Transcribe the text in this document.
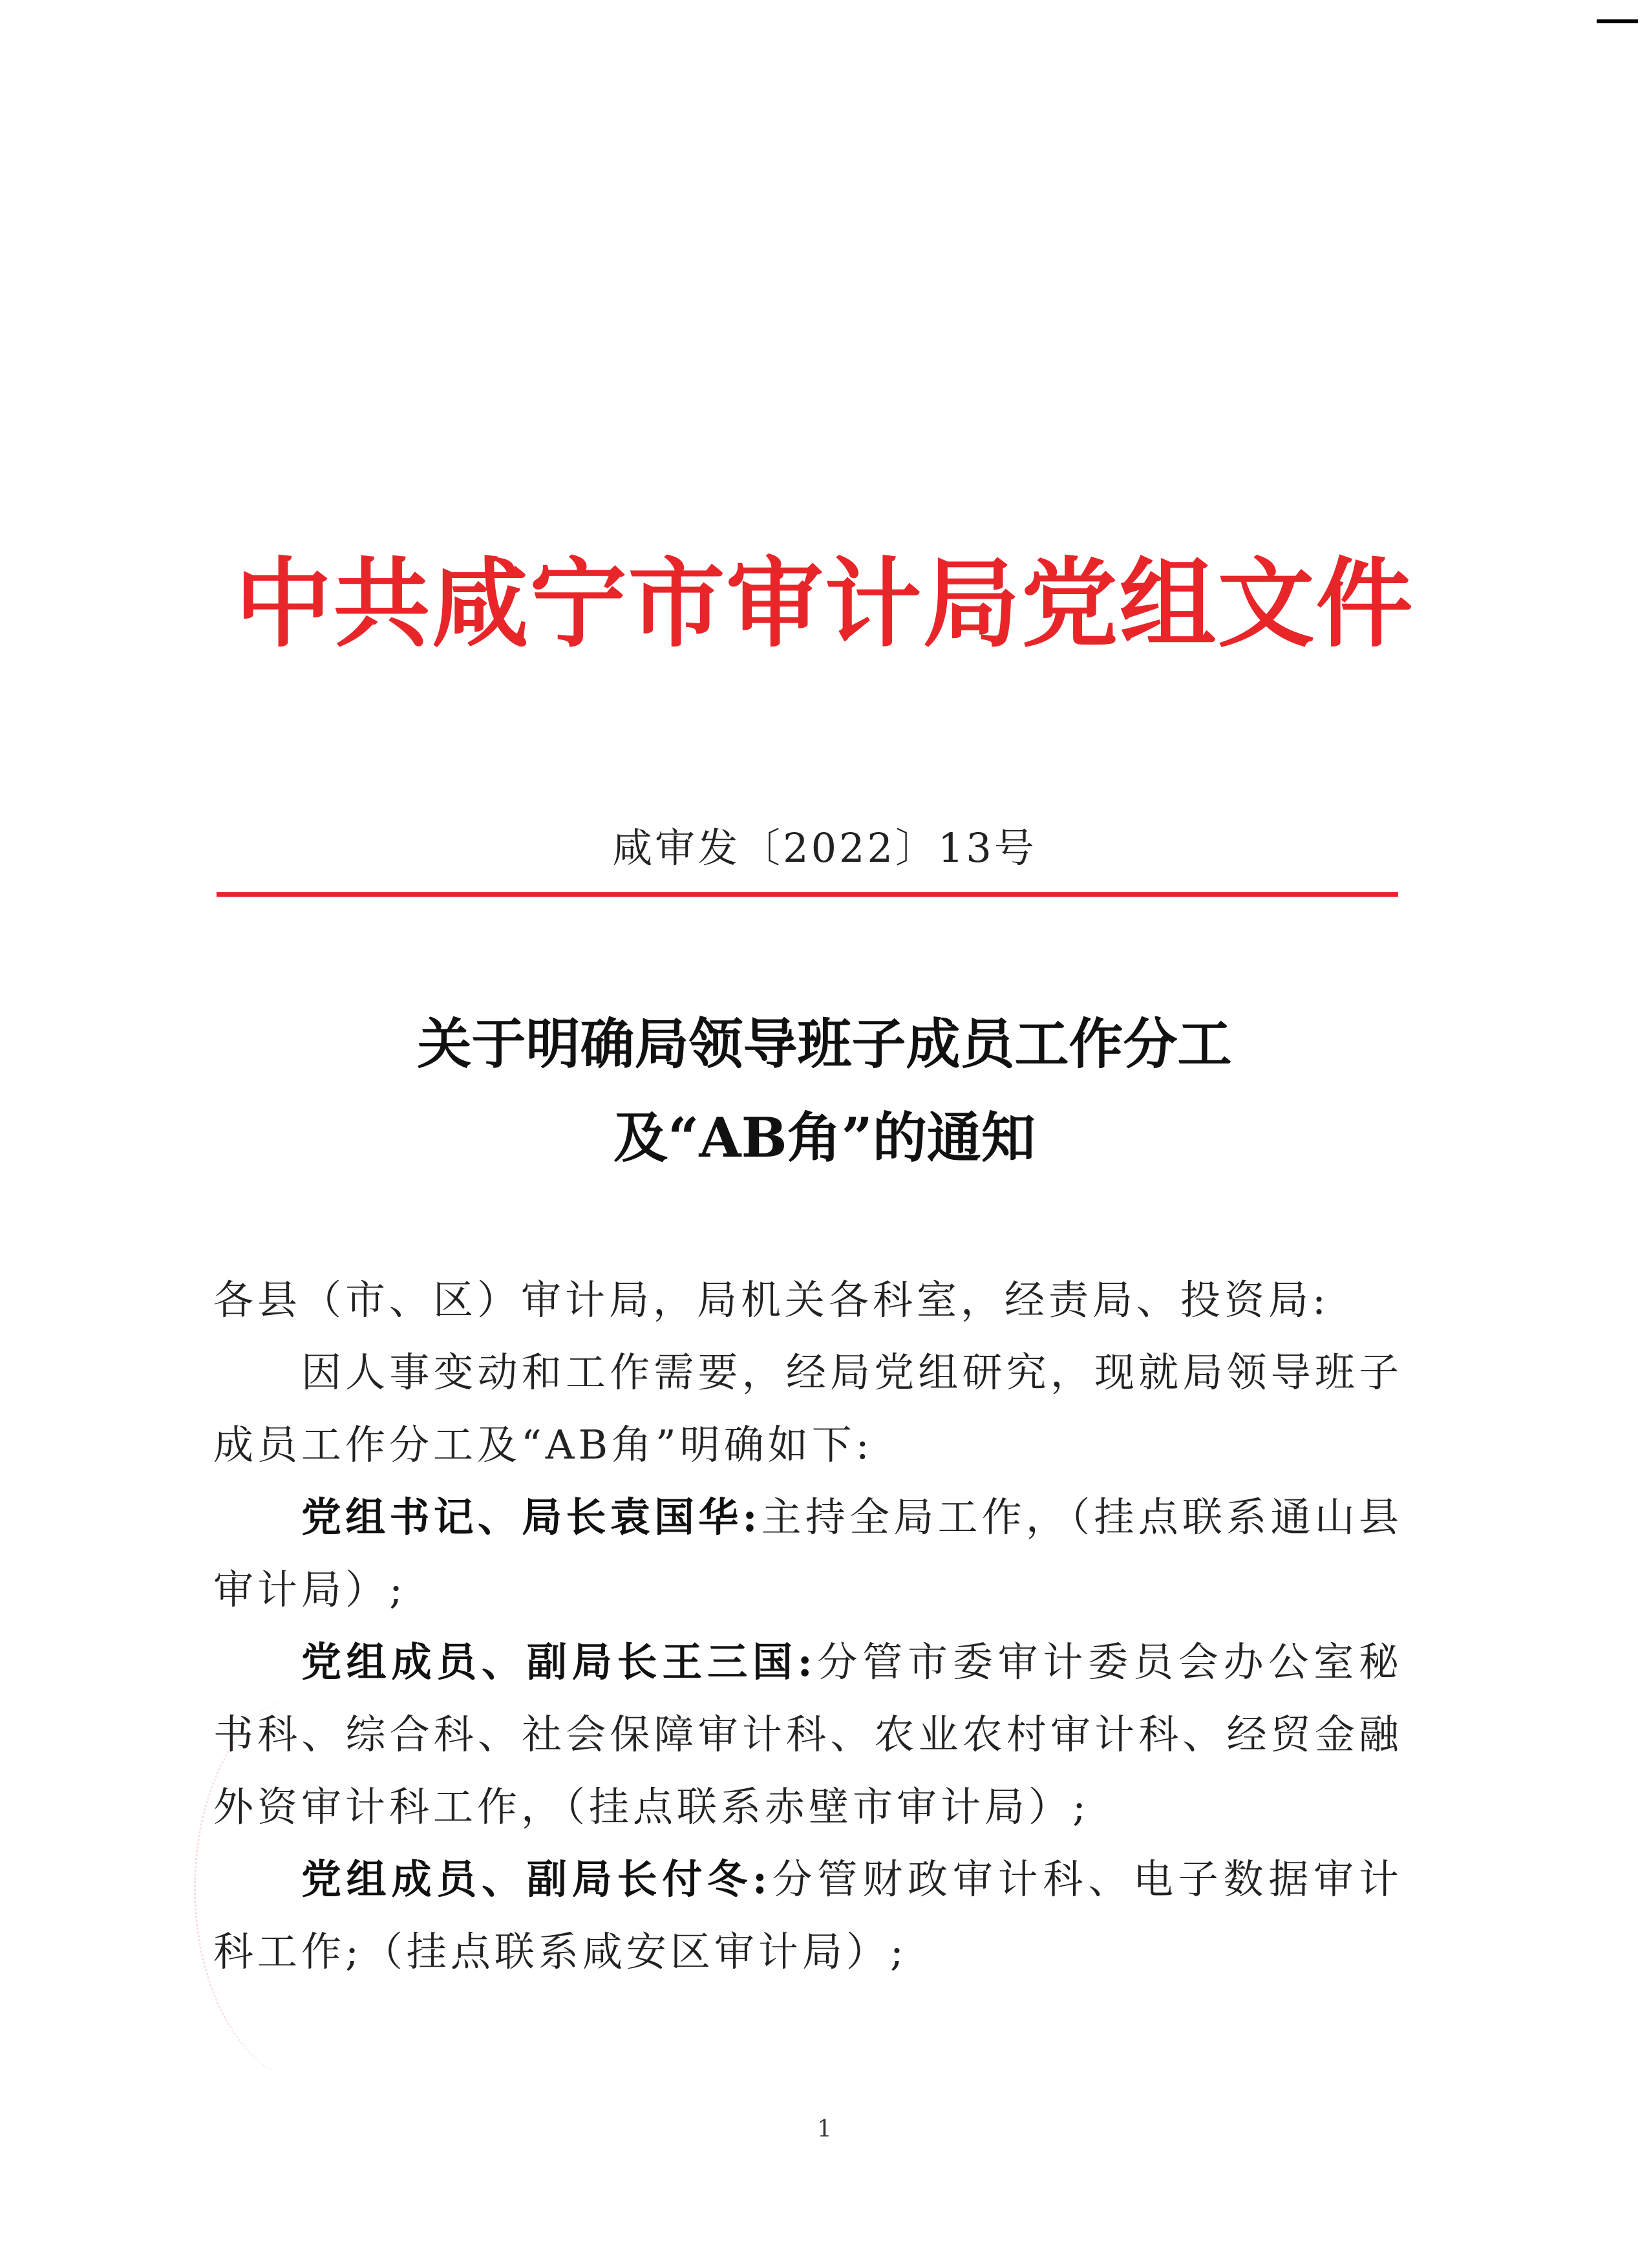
中共咸宁市审计局党组文件
咸审发〔2022〕13号
关于明确局领导班子成员工作分工
及“AB角”的通知

各县（市、区）审计局，局机关各科室，经责局、投资局:

因人事变动和工作需要，经局党组研究，现就局领导班子成员工作分工及“AB角”明确如下:

党组书记、局长袁国华:主持全局工作，（挂点联系通山县审计局）;

党组成员、副局长王三国:分管市委审计委员会办公室秘书科、综合科、社会保障审计科、农业农村审计科、经贸金融外资审计科工作，（挂点联系赤壁市审计局）;

党组成员、副局长付冬:分管财政审计科、电子数据审计科工作;（挂点联系咸安区审计局）;

1
